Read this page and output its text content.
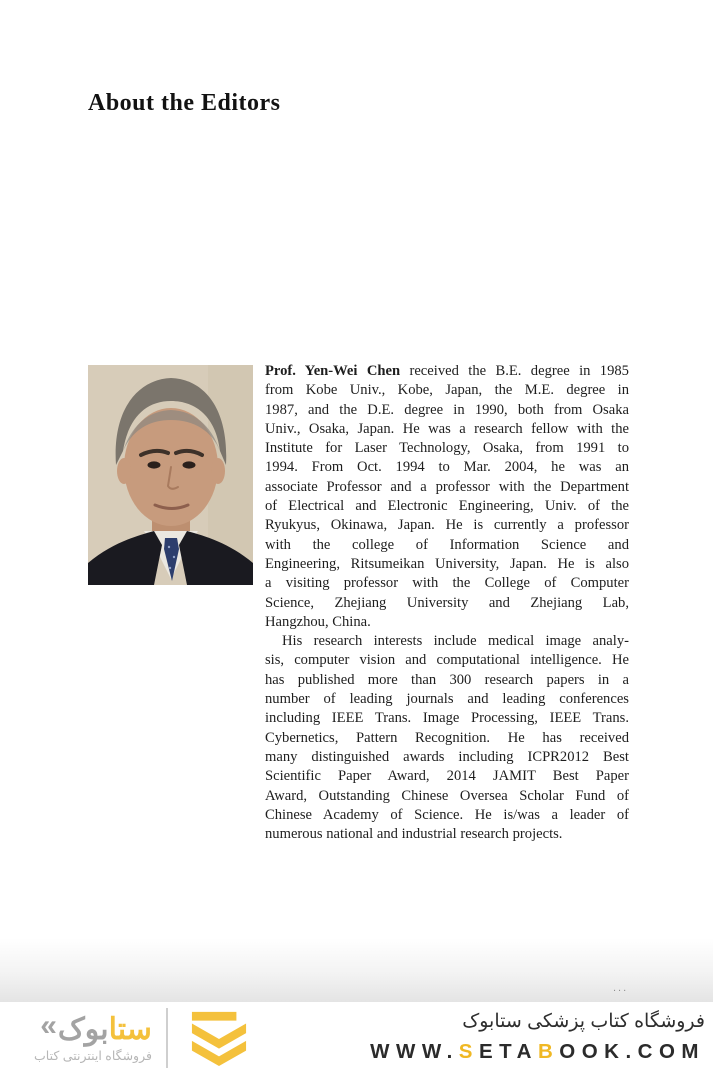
About the Editors
Prof. Yen-Wei Chen received the B.E. degree in 1985
from Kobe Univ., Kobe, Japan, the M.E. degree in
1987, and the D.E. degree in 1990, both from Osaka
Univ., Osaka, Japan. He was a research fellow with the
Institute for Laser Technology, Osaka, from 1991 to
1994. From Oct. 1994 to Mar. 2004, he was an
associate Professor and a professor with the Department
of Electrical and Electronic Engineering, Univ. of the
Ryukyus, Okinawa, Japan. He is currently a professor
with the college of Information Science and
Engineering, Ritsumeikan University, Japan. He is also
a visiting professor with the College of Computer
Science, Zhejiang University and Zhejiang Lab,
Hangzhou, China.
His research interests include medical image analy-
sis, computer vision and computational intelligence. He
has published more than 300 research papers in a
number of leading journals and leading conferences
including IEEE Trans. Image Processing, IEEE Trans.
Cybernetics, Pattern Recognition. He has received
many distinguished awards including ICPR2012 Best
Scientific Paper Award, 2014 JAMIT Best Paper
Award, Outstanding Chinese Oversea Scholar Fund of
Chinese Academy of Science. He is/was a leader of
numerous national and industrial research projects.
...
«	ستابوک
فروشگاه اینترنتی کتاب
فروشگاه کتاب پزشکی ستابوک
WWW.SETABOOK.COM
